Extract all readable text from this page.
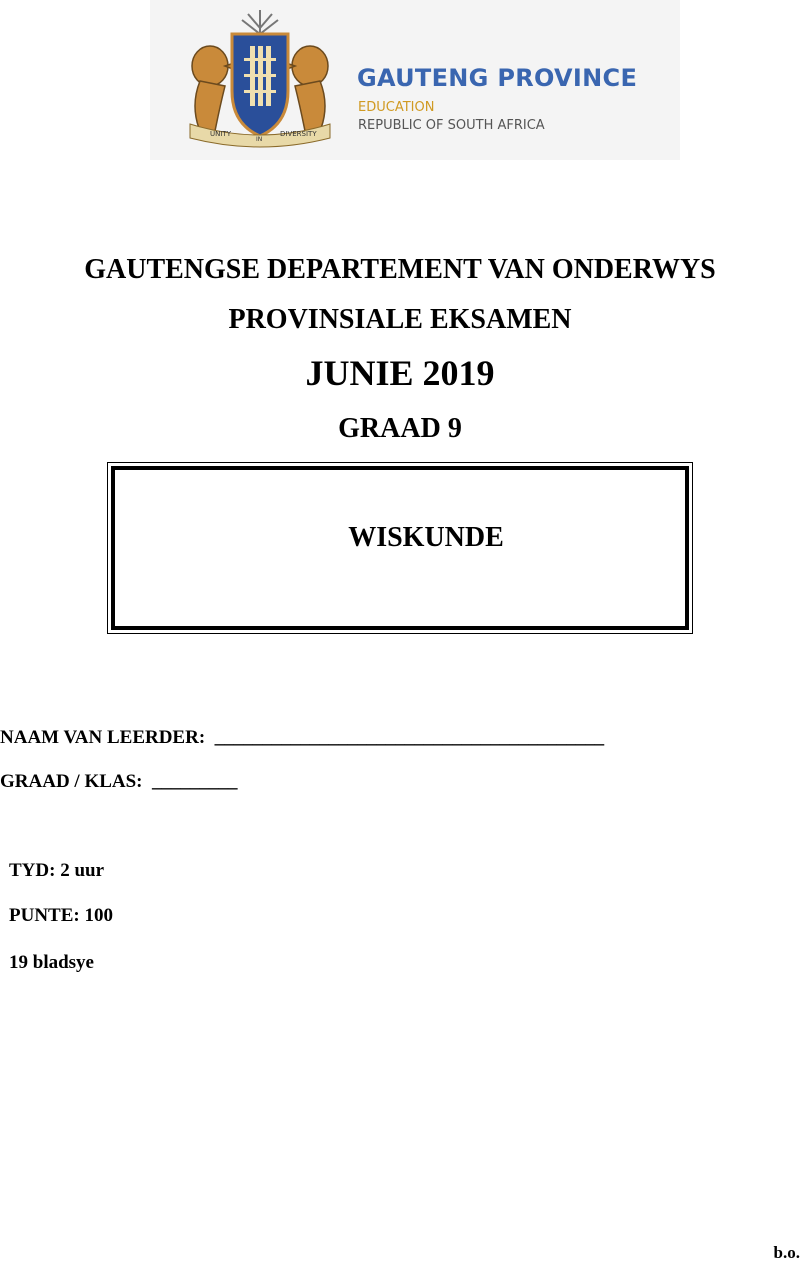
UNITY
IN
DIVERSITY
GAUTENG PROVINCE
EDUCATION
REPUBLIC OF SOUTH AFRICA
GAUTENGSE DEPARTEMENT VAN ONDERWYS
PROVINSIALE EKSAMEN
JUNIE 2019
GRAAD 9
WISKUNDE
NAAM VAN LEERDER: _________________________________________
GRAAD / KLAS: _________
TYD: 2 uur
PUNTE: 100
19 bladsye
b.o.
